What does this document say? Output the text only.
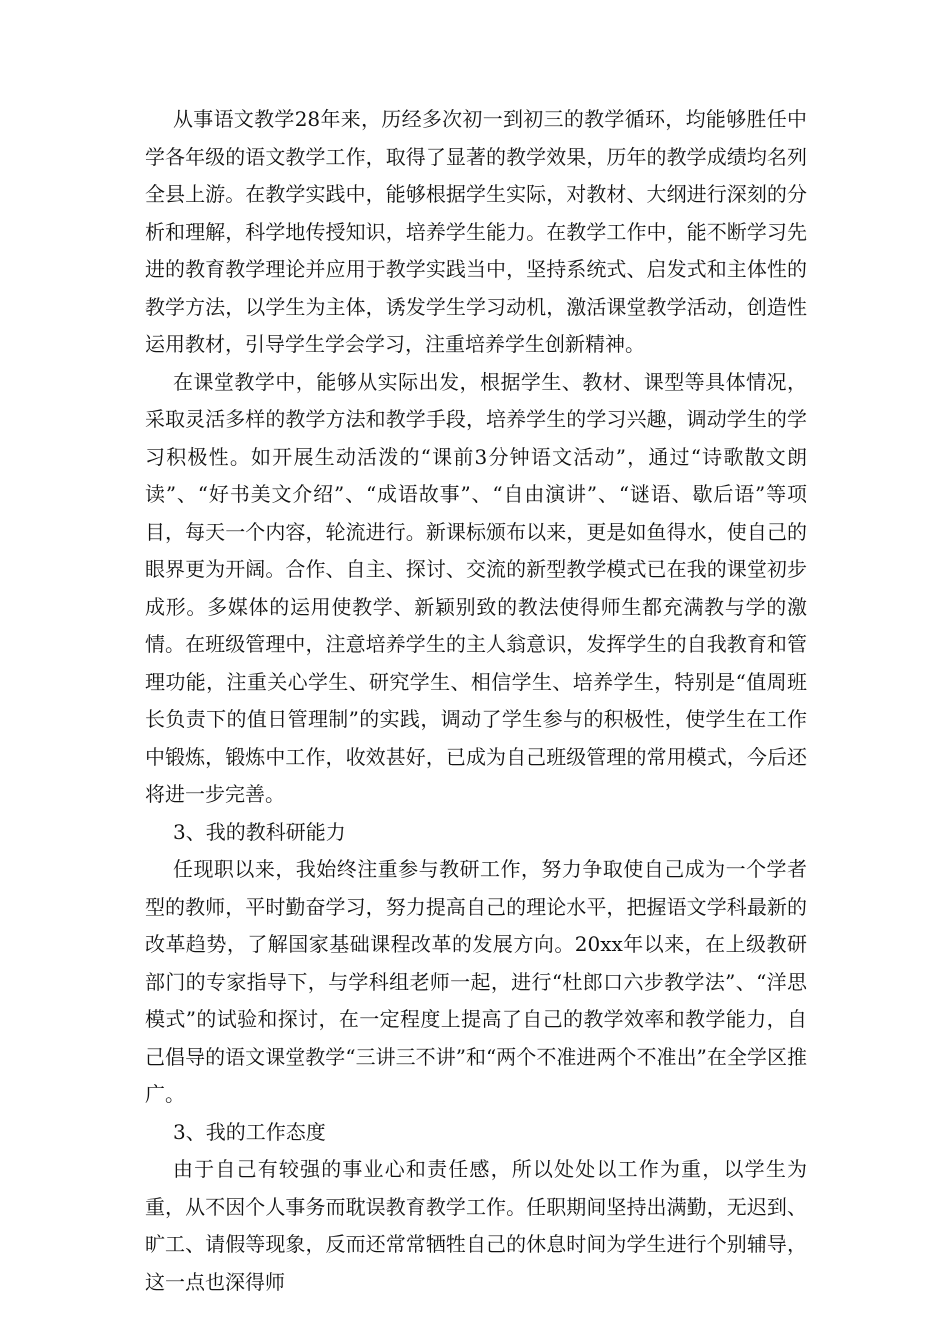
从事语文教学28年来，历经多次初一到初三的教学循环，均能够胜任中学各年级的语文教学工作，取得了显著的教学效果，历年的教学成绩均名列全县上游。在教学实践中，能够根据学生实际，对教材、大纲进行深刻的分析和理解，科学地传授知识，培养学生能力。在教学工作中，能不断学习先进的教育教学理论并应用于教学实践当中，坚持系统式、启发式和主体性的教学方法，以学生为主体，诱发学生学习动机，激活课堂教学活动，创造性运用教材，引导学生学会学习，注重培养学生创新精神。

在课堂教学中，能够从实际出发，根据学生、教材、课型等具体情况，采取灵活多样的教学方法和教学手段，培养学生的学习兴趣，调动学生的学习积极性。如开展生动活泼的“课前3分钟语文活动”，通过“诗歌散文朗读”、“好书美文介绍”、“成语故事”、“自由演讲”、“谜语、歇后语”等项目，每天一个内容，轮流进行。新课标颁布以来，更是如鱼得水，使自己的眼界更为开阔。合作、自主、探讨、交流的新型教学模式已在我的课堂初步成形。多媒体的运用使教学、新颖别致的教法使得师生都充满教与学的激情。在班级管理中，注意培养学生的主人翁意识，发挥学生的自我教育和管理功能，注重关心学生、研究学生、相信学生、培养学生，特别是“值周班长负责下的值日管理制”的实践，调动了学生参与的积极性，使学生在工作中锻炼，锻炼中工作，收效甚好，已成为自己班级管理的常用模式，今后还将进一步完善。

3、我的教科研能力

任现职以来，我始终注重参与教研工作，努力争取使自己成为一个学者型的教师，平时勤奋学习，努力提高自己的理论水平，把握语文学科最新的改革趋势，了解国家基础课程改革的发展方向。20xx年以来，在上级教研部门的专家指导下，与学科组老师一起，进行“杜郎口六步教学法”、“洋思模式”的试验和探讨，在一定程度上提高了自己的教学效率和教学能力，自己倡导的语文课堂教学“三讲三不讲”和“两个不准进两个不准出”在全学区推广。

3、我的工作态度

由于自己有较强的事业心和责任感，所以处处以工作为重，以学生为重，从不因个人事务而耽误教育教学工作。任职期间坚持出满勤，无迟到、旷工、请假等现象，反而还常常牺牲自己的休息时间为学生进行个别辅导，这一点也深得师
